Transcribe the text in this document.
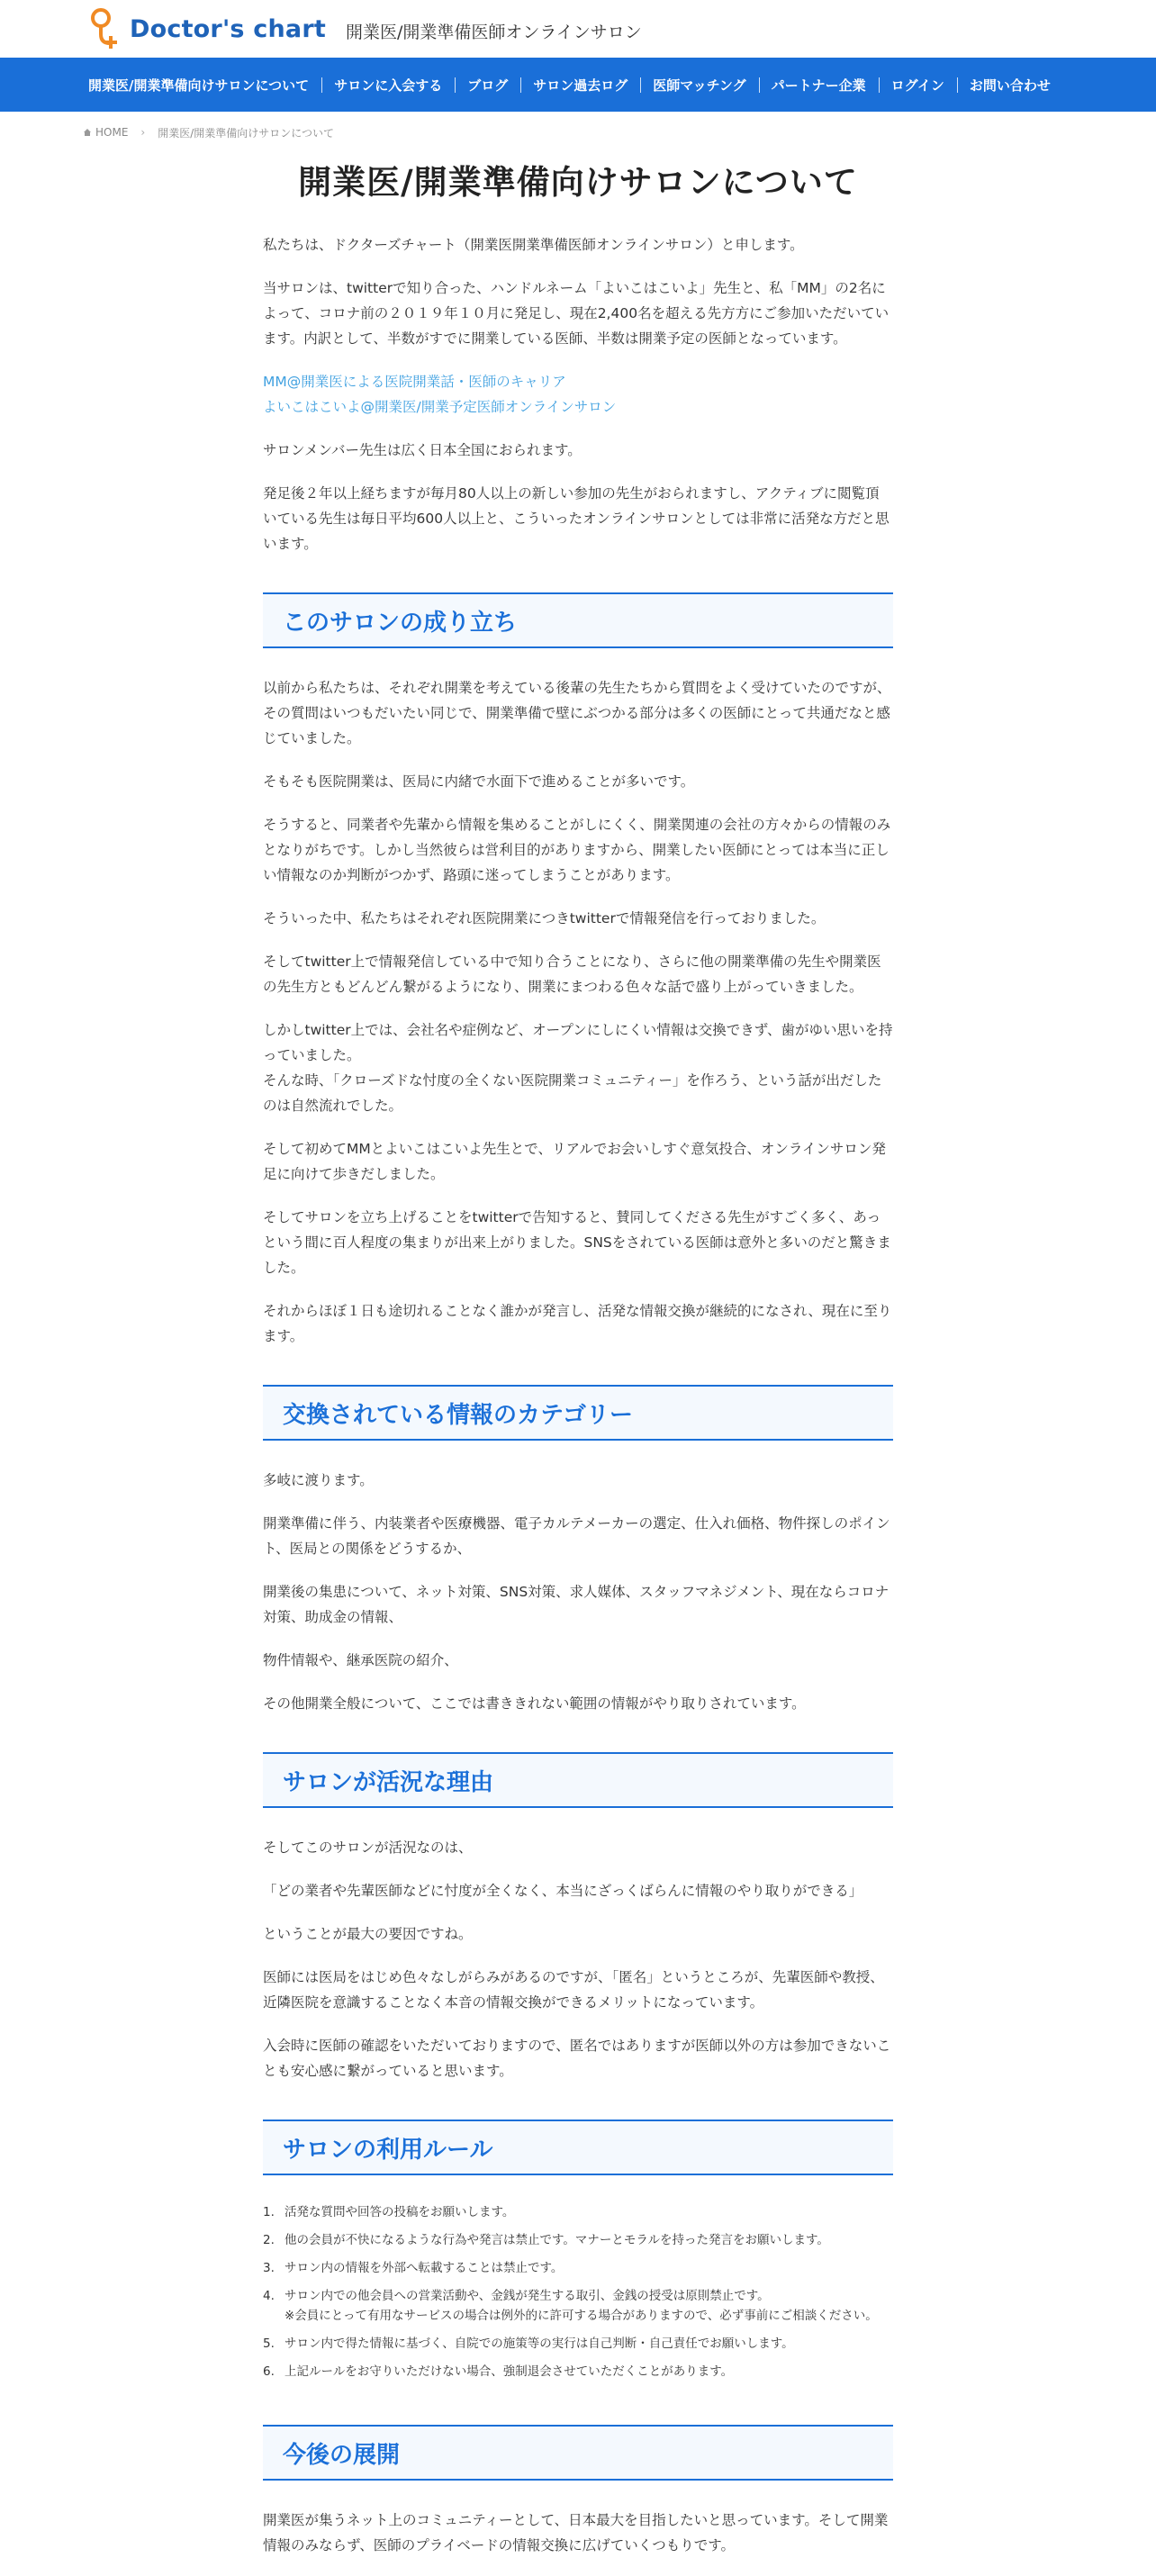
Doctor's chart 開業医/開業準備医師オンラインサロン
開業医/開業準備向けサロンについて	サロンに入会する	ブログ	サロン過去ログ	医師マッチング	パートナー企業	ログイン	お問い合わせ
HOME › 開業医/開業準備向けサロンについて
開業医/開業準備向けサロンについて

私たちは、ドクターズチャート（開業医開業準備医師オンラインサロン）と申します。

当サロンは、twitterで知り合った、ハンドルネーム「よいこはこいよ」先生と、私「MM」の2名によって、コロナ前の２０１９年１０月に発足し、現在2,400名を超える先方方にご参加いただいています。内訳として、半数がすでに開業している医師、半数は開業予定の医師となっています。

MM@開業医による医院開業話・医師のキャリア
よいこはこいよ@開業医/開業予定医師オンラインサロン

サロンメンバー先生は広く日本全国におられます。

発足後２年以上経ちますが毎月80人以上の新しい参加の先生がおられますし、アクティブに閲覧頂いている先生は毎日平均600人以上と、こういったオンラインサロンとしては非常に活発な方だと思います。

このサロンの成り立ち

以前から私たちは、それぞれ開業を考えている後輩の先生たちから質問をよく受けていたのですが、その質問はいつもだいたい同じで、開業準備で壁にぶつかる部分は多くの医師にとって共通だなと感じていました。

そもそも医院開業は、医局に内緒で水面下で進めることが多いです。

そうすると、同業者や先輩から情報を集めることがしにくく、開業関連の会社の方々からの情報のみとなりがちです。しかし当然彼らは営利目的がありますから、開業したい医師にとっては本当に正しい情報なのか判断がつかず、路頭に迷ってしまうことがあります。

そういった中、私たちはそれぞれ医院開業につきtwitterで情報発信を行っておりました。

そしてtwitter上で情報発信している中で知り合うことになり、さらに他の開業準備の先生や開業医の先生方ともどんどん繋がるようになり、開業にまつわる色々な話で盛り上がっていきました。

しかしtwitter上では、会社名や症例など、オープンにしにくい情報は交換できず、歯がゆい思いを持っていました。
そんな時、「クローズドな忖度の全くない医院開業コミュニティー」を作ろう、という話が出だしたのは自然流れでした。

そして初めてMMとよいこはこいよ先生とで、リアルでお会いしすぐ意気投合、オンラインサロン発足に向けて歩きだしました。

そしてサロンを立ち上げることをtwitterで告知すると、賛同してくださる先生がすごく多く、あっという間に百人程度の集まりが出来上がりました。SNSをされている医師は意外と多いのだと驚きました。

それからほぼ１日も途切れることなく誰かが発言し、活発な情報交換が継続的になされ、現在に至ります。

交換されている情報のカテゴリー

多岐に渡ります。

開業準備に伴う、内装業者や医療機器、電子カルテメーカーの選定、仕入れ価格、物件探しのポイント、医局との関係をどうするか、

開業後の集患について、ネット対策、SNS対策、求人媒体、スタッフマネジメント、現在ならコロナ対策、助成金の情報、

物件情報や、継承医院の紹介、

その他開業全般について、ここでは書ききれない範囲の情報がやり取りされています。

サロンが活況な理由

そしてこのサロンが活況なのは、

「どの業者や先輩医師などに忖度が全くなく、本当にざっくばらんに情報のやり取りができる」

ということが最大の要因ですね。

医師には医局をはじめ色々なしがらみがあるのですが、「匿名」というところが、先輩医師や教授、近隣医院を意識することなく本音の情報交換ができるメリットになっています。

入会時に医師の確認をいただいておりますので、匿名ではありますが医師以外の方は参加できないことも安心感に繋がっていると思います。

サロンの利用ルール
1. 活発な質問や回答の投稿をお願いします。
2. 他の会員が不快になるような行為や発言は禁止です。マナーとモラルを持った発言をお願いします。
3. サロン内の情報を外部へ転載することは禁止です。
4. サロン内での他会員への営業活動や、金銭が発生する取引、金銭の授受は原則禁止です。
※会員にとって有用なサービスの場合は例外的に許可する場合がありますので、必ず事前にご相談ください。
5. サロン内で得た情報に基づく、自院での施策等の実行は自己判断・自己責任でお願いします。
6. 上記ルールをお守りいただけない場合、強制退会させていただくことがあります。
今後の展開

開業医が集うネット上のコミュニティーとして、日本最大を目指したいと思っています。そして開業情報のみならず、医師のプライベードの情報交換に広げていくつもりです。
